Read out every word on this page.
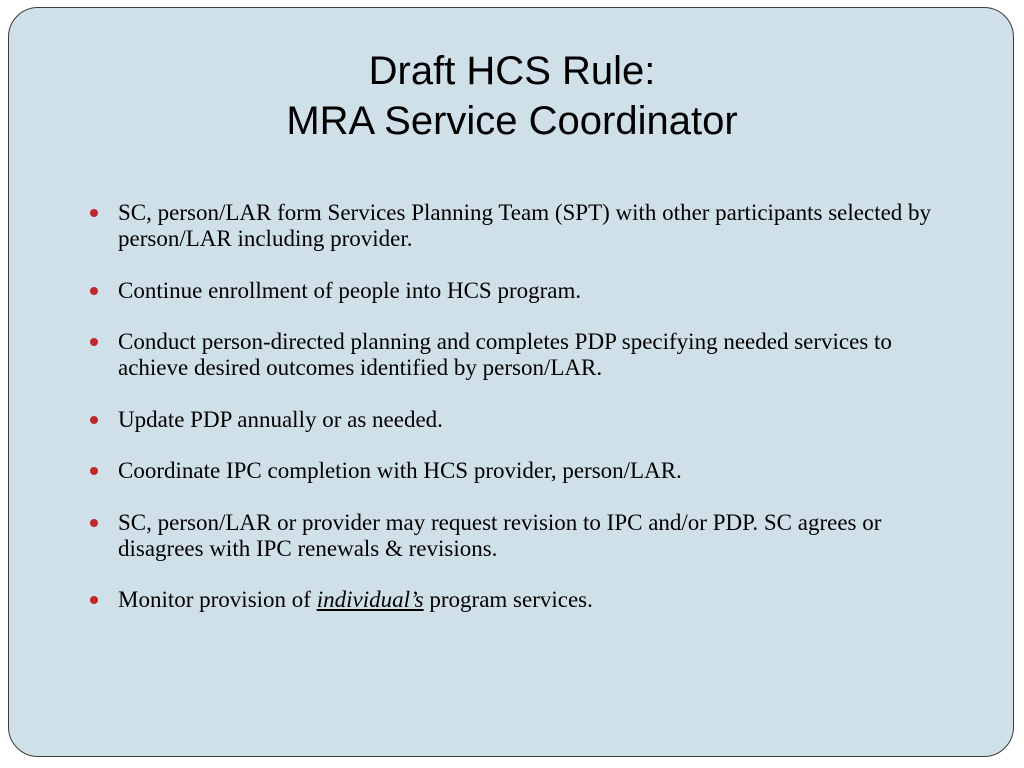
Draft HCS Rule:
MRA Service Coordinator
SC, person/LAR form Services Planning Team (SPT) with other participants selected by person/LAR including provider.
Continue enrollment of people into HCS program.
Conduct person-directed planning and completes PDP specifying needed services to achieve desired outcomes identified by person/LAR.
Update PDP annually or as needed.
Coordinate IPC completion with HCS provider, person/LAR.
SC, person/LAR or provider may request revision to IPC and/or PDP. SC agrees or disagrees with IPC renewals & revisions.
Monitor provision of individual’s program services.
